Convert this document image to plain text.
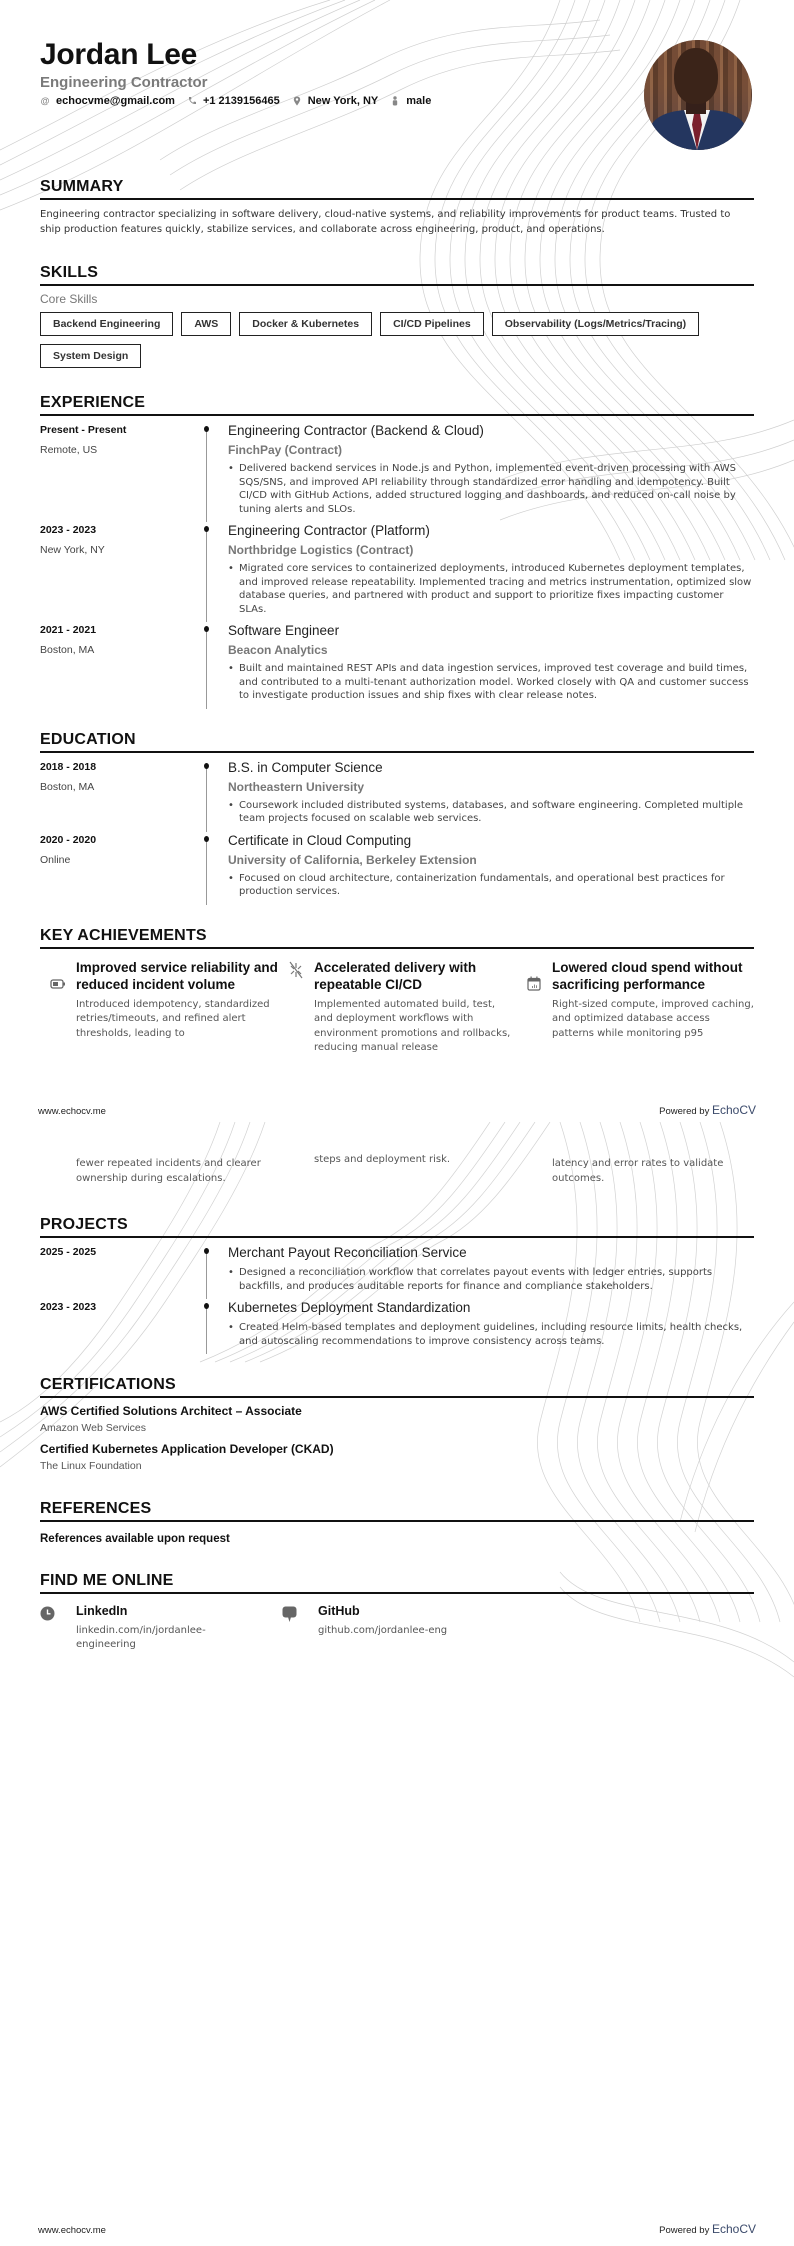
Jordan Lee
Engineering Contractor
@ echocvme@gmail.com	+1 2139156465	New York, NY	male
SUMMARY
Engineering contractor specializing in software delivery, cloud-native systems, and reliability improvements for product teams. Trusted to ship production features quickly, stabilize services, and collaborate across engineering, product, and operations.
SKILLS
Core Skills
Backend Engineering	AWS	Docker & Kubernetes	CI/CD Pipelines	Observability (Logs/Metrics/Tracing)
System Design
EXPERIENCE
Present - Present
Remote, US
Engineering Contractor (Backend & Cloud)
FinchPay (Contract)
• Delivered backend services in Node.js and Python, implemented event-driven processing with AWS SQS/SNS, and improved API reliability through standardized error handling and idempotency. Built CI/CD with GitHub Actions, added structured logging and dashboards, and reduced on-call noise by tuning alerts and SLOs.
2023 - 2023
New York, NY
Engineering Contractor (Platform)
Northbridge Logistics (Contract)
• Migrated core services to containerized deployments, introduced Kubernetes deployment templates, and improved release repeatability. Implemented tracing and metrics instrumentation, optimized slow database queries, and partnered with product and support to prioritize fixes impacting customer SLAs.
2021 - 2021
Boston, MA
Software Engineer
Beacon Analytics
• Built and maintained REST APIs and data ingestion services, improved test coverage and build times, and contributed to a multi-tenant authorization model. Worked closely with QA and customer success to investigate production issues and ship fixes with clear release notes.
EDUCATION
2018 - 2018
Boston, MA
B.S. in Computer Science
Northeastern University
• Coursework included distributed systems, databases, and software engineering. Completed multiple team projects focused on scalable web services.
2020 - 2020
Online
Certificate in Cloud Computing
University of California, Berkeley Extension
• Focused on cloud architecture, containerization fundamentals, and operational best practices for production services.
KEY ACHIEVEMENTS
Improved service reliability and reduced incident volume
Introduced idempotency, standardized retries/timeouts, and refined alert thresholds, leading to
Accelerated delivery with repeatable CI/CD
Implemented automated build, test, and deployment workflows with environment promotions and rollbacks, reducing manual release
Lowered cloud spend without sacrificing performance
Right-sized compute, improved caching, and optimized database access patterns while monitoring p95
www.echocv.me	Powered by EchoCV
fewer repeated incidents and clearer ownership during escalations.
steps and deployment risk.	latency and error rates to validate outcomes.
PROJECTS
2025 - 2025	Merchant Payout Reconciliation Service
• Designed a reconciliation workflow that correlates payout events with ledger entries, supports backfills, and produces auditable reports for finance and compliance stakeholders.
2023 - 2023	Kubernetes Deployment Standardization
• Created Helm-based templates and deployment guidelines, including resource limits, health checks, and autoscaling recommendations to improve consistency across teams.
CERTIFICATIONS
AWS Certified Solutions Architect – Associate
Amazon Web Services
Certified Kubernetes Application Developer (CKAD)
The Linux Foundation
REFERENCES
References available upon request
FIND ME ONLINE
LinkedIn
linkedin.com/in/jordanlee-engineering
GitHub
github.com/jordanlee-eng
www.echocv.me	Powered by EchoCV
